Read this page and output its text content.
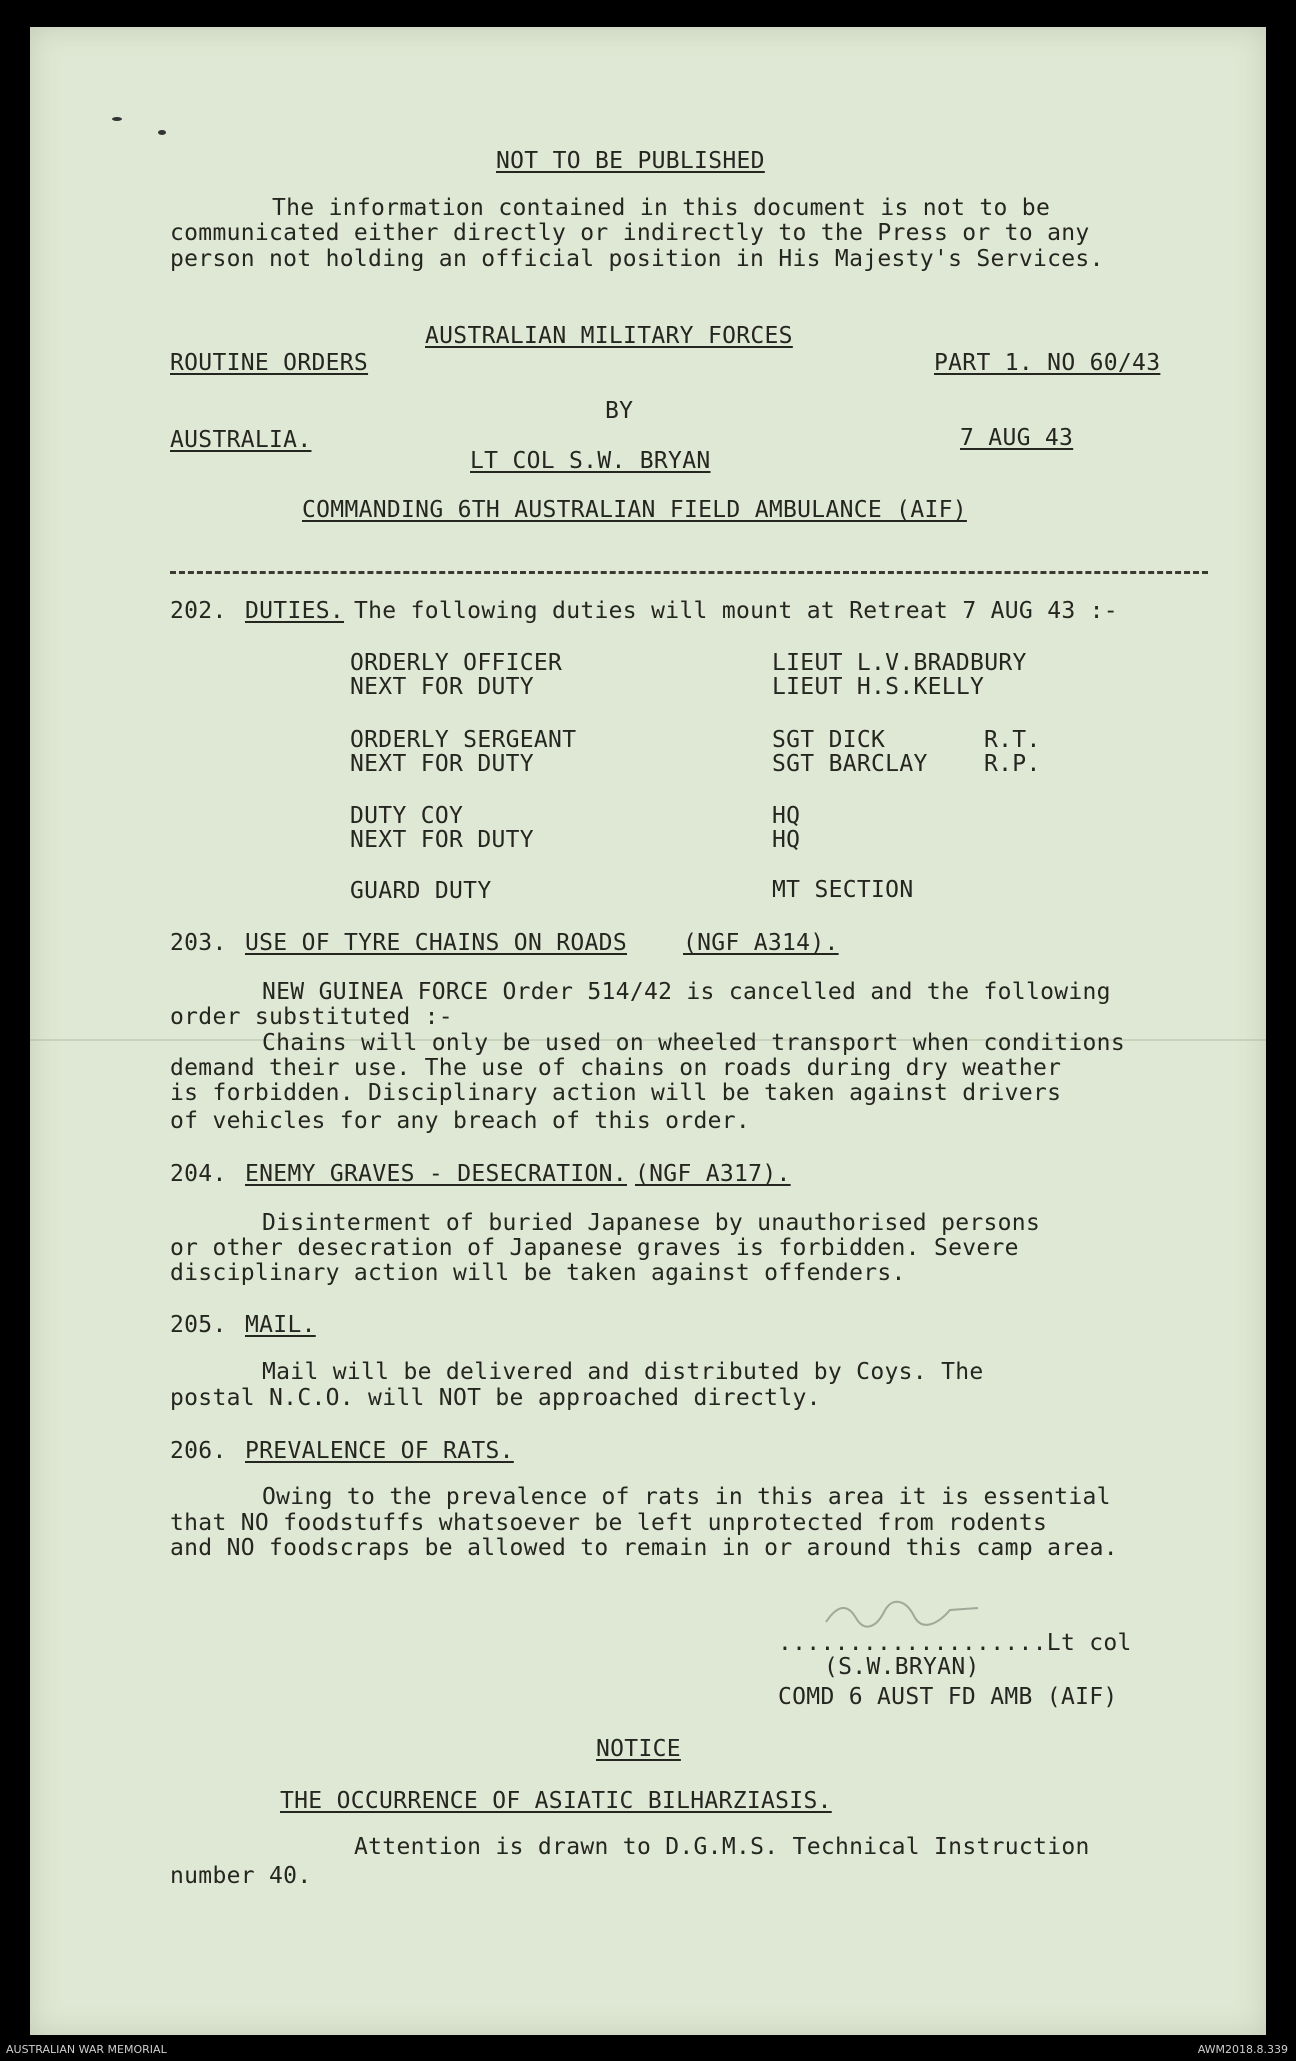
NOT TO BE PUBLISHED
The information contained in this document is not to be
communicated either directly or indirectly to the Press or to any
person not holding an official position in His Majesty's Services.
AUSTRALIAN MILITARY FORCES
ROUTINE ORDERS	PART 1. NO 60/43
BY
AUSTRALIA.	7 AUG 43
LT COL S.W. BRYAN
COMMANDING 6TH AUSTRALIAN FIELD AMBULANCE (AIF)
202. DUTIES. The following duties will mount at Retreat 7 AUG 43 :-
ORDERLY OFFICER	LIEUT L.V.BRADBURY
NEXT FOR DUTY	LIEUT H.S.KELLY
ORDERLY SERGEANT	SGT DICK	R.T.
NEXT FOR DUTY	SGT BARCLAY R.P.
DUTY COY	HQ
NEXT FOR DUTY	HQ
GUARD DUTY	MT SECTION
203. USE OF TYRE CHAINS ON ROADS (NGF A314).
NEW GUINEA FORCE Order 514/42 is cancelled and the following
order substituted :-
Chains will only be used on wheeled transport when conditions
demand their use. The use of chains on roads during dry weather
is forbidden. Disciplinary action will be taken against drivers
of vehicles for any breach of this order.
204. ENEMY GRAVES - DESECRATION. (NGF A317).
Disinterment of buried Japanese by unauthorised persons
or other desecration of Japanese graves is forbidden. Severe
disciplinary action will be taken against offenders.
205. MAIL.
Mail will be delivered and distributed by Coys. The
postal N.C.O. will NOT be approached directly.
206. PREVALENCE OF RATS.
Owing to the prevalence of rats in this area it is essential
that NO foodstuffs whatsoever be left unprotected from rodents
and NO foodscraps be allowed to remain in or around this camp area.
...................Lt col
(S.W.BRYAN)
COMD 6 AUST FD AMB (AIF)
NOTICE
THE OCCURRENCE OF ASIATIC BILHARZIASIS.
Attention is drawn to D.G.M.S. Technical Instruction
number 40.
AUSTRALIAN WAR MEMORIAL	AWM2018.8.339
